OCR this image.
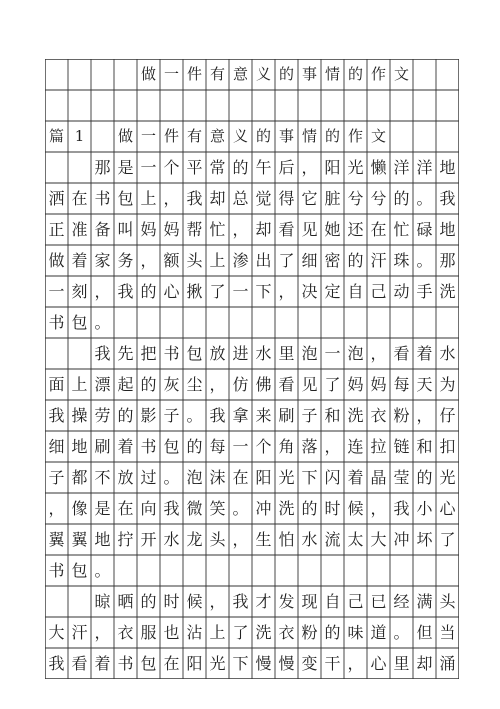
做 一 件 有 意 义 的 事 情 的 作 文
篇 1	做 一 件 有 意 义 的 事 情 的 作 文
那 是 一 个 平 常 的 午 后 ， 阳 光 懒 洋 洋 地
洒 在 书 包 上 ， 我 却 总 觉 得 它 脏 兮 兮 的 。 我
正 准 备 叫 妈 妈 帮 忙 ， 却 看 见 她 还 在 忙 碌 地
做 着 家 务 ， 额 头 上 渗 出 了 细 密 的 汗 珠 。 那
一 刻 ， 我 的 心 揪 了 一 下 ， 决 定 自 己 动 手 洗
书 包 。
我 先 把 书 包 放 进 水 里 泡 一 泡 ， 看 着 水
面 上 漂 起 的 灰 尘 ， 仿 佛 看 见 了 妈 妈 每 天 为
我 操 劳 的 影 子 。 我 拿 来 刷 子 和 洗 衣 粉 ， 仔
细 地 刷 着 书 包 的 每 一 个 角 落 ， 连 拉 链 和 扣
子 都 不 放 过 。 泡 沫 在 阳 光 下 闪 着 晶 莹 的 光
， 像 是 在 向 我 微 笑 。 冲 洗 的 时 候 ， 我 小 心
翼 翼 地 拧 开 水 龙 头 ， 生 怕 水 流 太 大 冲 坏 了
书 包 。
晾 晒 的 时 候 ， 我 才 发 现 自 己 已 经 满 头
大 汗 ， 衣 服 也 沾 上 了 洗 衣 粉 的 味 道 。 但 当
我 看 着 书 包 在 阳 光 下 慢 慢 变 干 ， 心 里 却 涌
